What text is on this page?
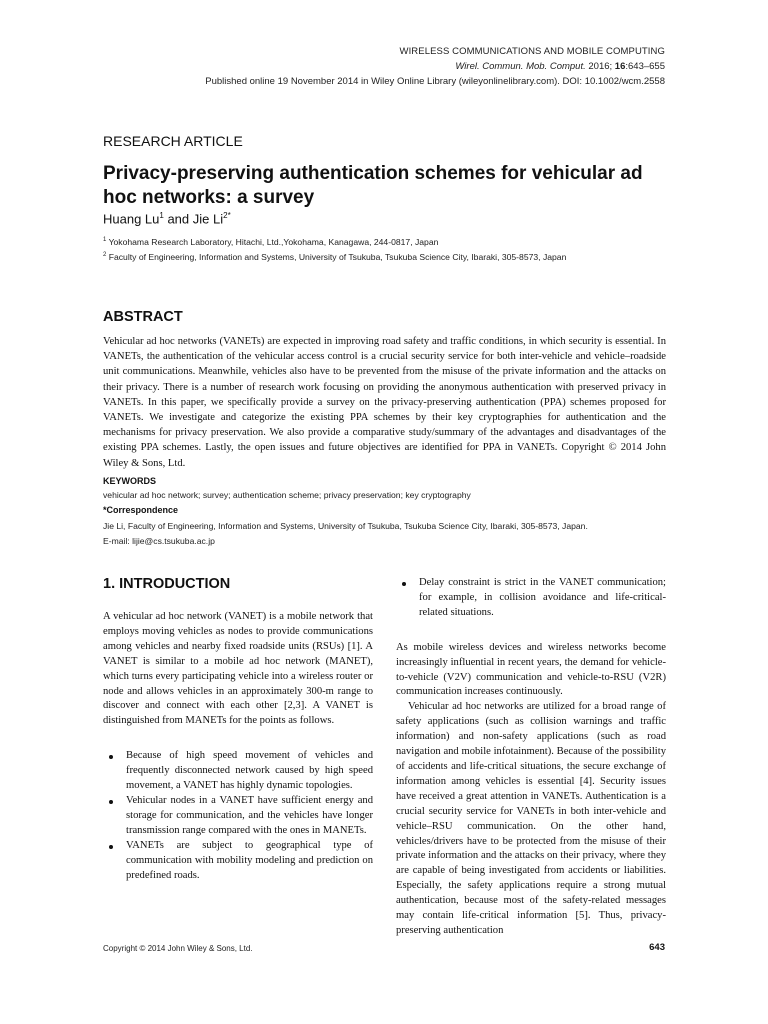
WIRELESS COMMUNICATIONS AND MOBILE COMPUTING
Wirel. Commun. Mob. Comput. 2016; 16:643–655
Published online 19 November 2014 in Wiley Online Library (wileyonlinelibrary.com). DOI: 10.1002/wcm.2558
RESEARCH ARTICLE
Privacy-preserving authentication schemes for vehicular ad hoc networks: a survey
Huang Lu$^1$ and Jie $Li^{2*}$
$^1$ Yokohama Research Laboratory, Hitachi, Ltd.,Yokohama, Kanagawa, 244-0817, Japan
$^2$ Faculty of Engineering, Information and Systems, University of Tsukuba, Tsukuba Science City, Ibaraki, 305-8573, Japan
ABSTRACT

Vehicular ad hoc networks (VANETs) are expected in improving road safety and traffic conditions, in which security is essential. In VANETs, the authentication of the vehicular access control is a crucial security service for both inter-vehicle and vehicle–roadside unit communications. Meanwhile, vehicles also have to be prevented from the misuse of the private information and the attacks on their privacy. There is a number of research work focusing on providing the anonymous authentication with preserved privacy in VANETs. In this paper, we specifically provide a survey on the privacy-preserving authentication (PPA) schemes proposed for VANETs. We investigate and categorize the existing PPA schemes by their key cryptographies for authentication and the mechanisms for privacy preservation. We also provide a comparative study/summary of the advantages and disadvantages of the existing PPA schemes. Lastly, the open issues and future objectives are identified for PPA in VANETs. Copyright © 2014 John Wiley & Sons, Ltd.

KEYWORDS
vehicular ad hoc network; survey; authentication scheme; privacy preservation; key cryptography
*Correspondence
Jie Li, Faculty of Engineering, Information and Systems, University of Tsukuba, Tsukuba Science City, Ibaraki, 305-8573, Japan.
E-mail: lijie@cs.tsukuba.ac.jp
1. INTRODUCTION

A vehicular ad hoc network (VANET) is a mobile network that employs moving vehicles as nodes to provide communications among vehicles and nearby fixed roadside units (RSUs) [1]. A VANET is similar to a mobile ad hoc network (MANET), which turns every participating vehicle into a wireless router or node and allows vehicles in an approximately 300-m range to discover and connect with each other [2,3]. A VANET is distinguished from MANETs for the points as follows.

Because of high speed movement of vehicles and frequently disconnected network caused by high speed movement, a VANET has highly dynamic topologies.
Vehicular nodes in a VANET have sufficient energy and storage for communication, and the vehicles have longer transmission range compared with the ones in MANETs.
VANETs are subject to geographical type of communication with mobility modeling and prediction on predefined roads.
Delay constraint is strict in the VANET communication; for example, in collision avoidance and life-critical-related situations.

As mobile wireless devices and wireless networks become increasingly influential in recent years, the demand for vehicle-to-vehicle (V2V) communication and vehicle-to-RSU (V2R) communication increases continuously.

Vehicular ad hoc networks are utilized for a broad range of safety applications (such as collision warnings and traffic information) and non-safety applications (such as road navigation and mobile infotainment). Because of the possibility of accidents and life-critical situations, the secure exchange of information among vehicles is essential [4]. Security issues have received a great attention in VANETs. Authentication is a crucial security service for VANETs in both inter-vehicle and vehicle–RSU communication. On the other hand, vehicles/drivers have to be protected from the misuse of their private information and the attacks on their privacy, where they are capable of being investigated from accidents or liabilities. Especially, the safety applications require a strong mutual authentication, because most of the safety-related messages may contain life-critical information [5]. Thus, privacy-preserving authentication

Copyright © 2014 John Wiley & Sons, Ltd.	643
